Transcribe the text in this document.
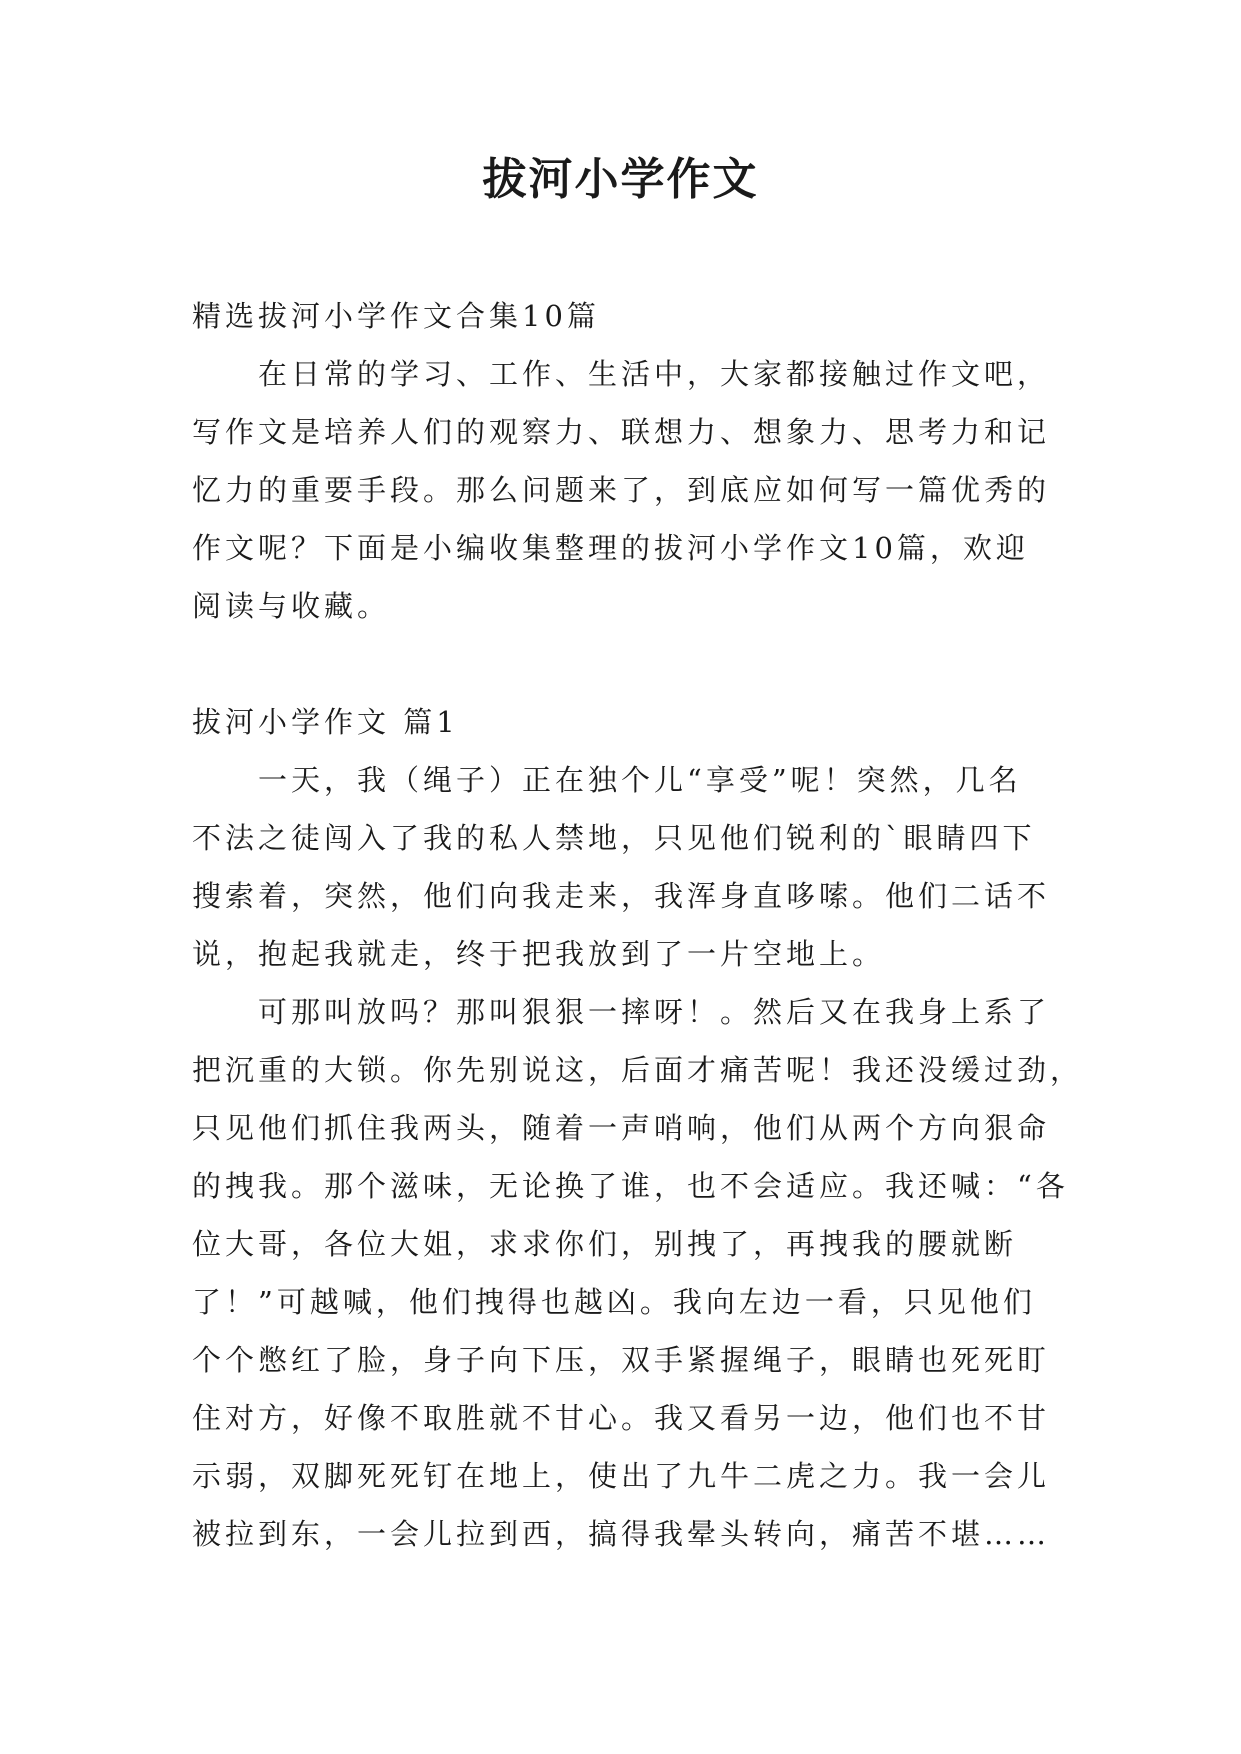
拔河小学作文
精选拔河小学作文合集10篇
　　在日常的学习、工作、生活中，大家都接触过作文吧，
写作文是培养人们的观察力、联想力、想象力、思考力和记
忆力的重要手段。那么问题来了，到底应如何写一篇优秀的
作文呢？下面是小编收集整理的拔河小学作文10篇，欢迎
阅读与收藏。
拔河小学作文 篇1
　　一天，我（绳子）正在独个儿“享受”呢！突然，几名
不法之徒闯入了我的私人禁地，只见他们锐利的`眼睛四下
搜索着，突然，他们向我走来，我浑身直哆嗦。他们二话不
说，抱起我就走，终于把我放到了一片空地上。
　　可那叫放吗？那叫狠狠一摔呀！。然后又在我身上系了
把沉重的大锁。你先别说这，后面才痛苦呢！我还没缓过劲，
只见他们抓住我两头，随着一声哨响，他们从两个方向狠命
的拽我。那个滋味，无论换了谁，也不会适应。我还喊：“各
位大哥，各位大姐，求求你们，别拽了，再拽我的腰就断
了！”可越喊，他们拽得也越凶。我向左边一看，只见他们
个个憋红了脸，身子向下压，双手紧握绳子，眼睛也死死盯
住对方，好像不取胜就不甘心。我又看另一边，他们也不甘
示弱，双脚死死钉在地上，使出了九牛二虎之力。我一会儿
被拉到东，一会儿拉到西，搞得我晕头转向，痛苦不堪……
